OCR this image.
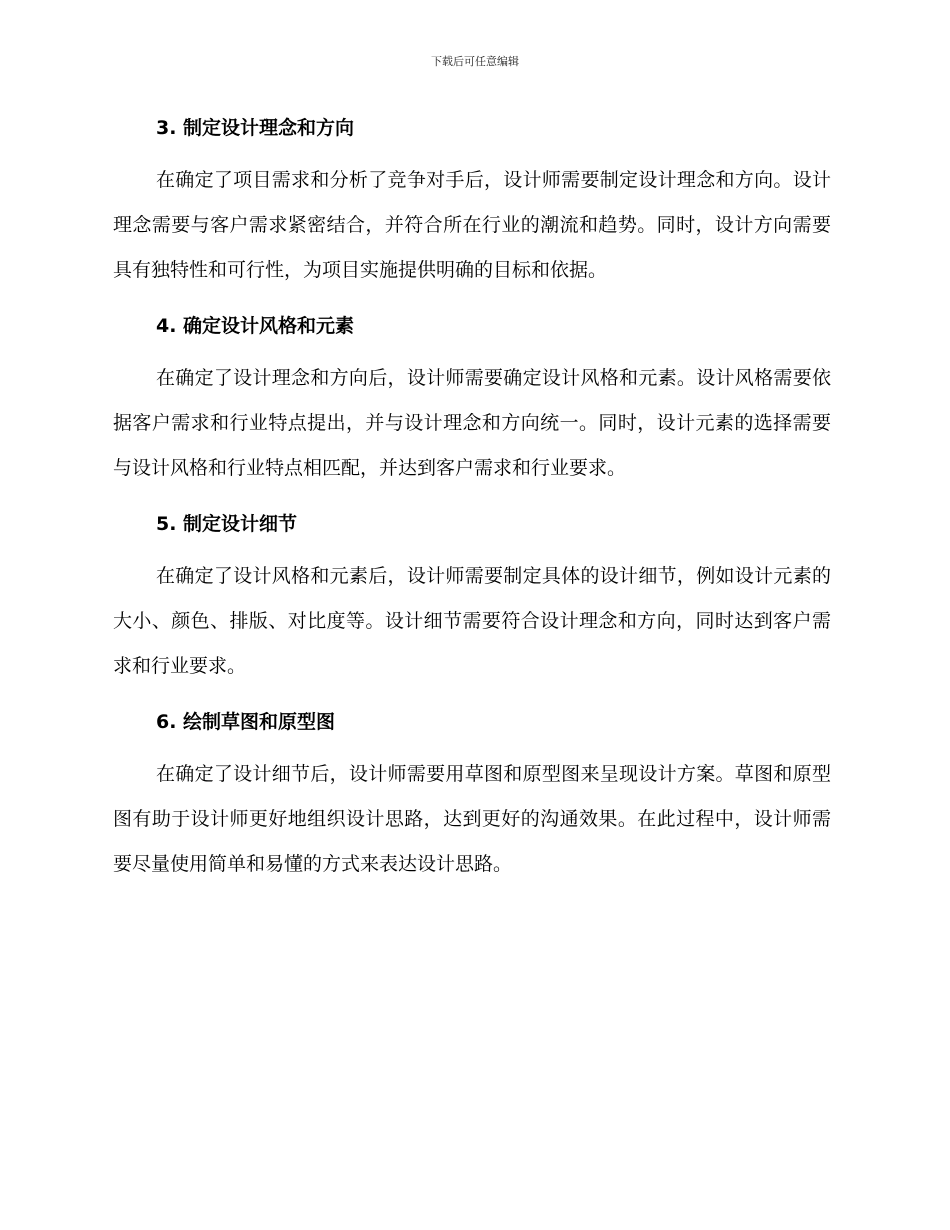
下载后可任意编辑
3. 制定设计理念和方向

在确定了项目需求和分析了竞争对手后，设计师需要制定设计理念和方向。设计理念需要与客户需求紧密结合，并符合所在行业的潮流和趋势。同时，设计方向需要具有独特性和可行性，为项目实施提供明确的目标和依据。

4. 确定设计风格和元素

在确定了设计理念和方向后，设计师需要确定设计风格和元素。设计风格需要依据客户需求和行业特点提出，并与设计理念和方向统一。同时，设计元素的选择需要与设计风格和行业特点相匹配，并达到客户需求和行业要求。

5. 制定设计细节

在确定了设计风格和元素后，设计师需要制定具体的设计细节，例如设计元素的大小、颜色、排版、对比度等。设计细节需要符合设计理念和方向，同时达到客户需求和行业要求。

6. 绘制草图和原型图

在确定了设计细节后，设计师需要用草图和原型图来呈现设计方案。草图和原型图有助于设计师更好地组织设计思路，达到更好的沟通效果。在此过程中，设计师需要尽量使用简单和易懂的方式来表达设计思路。
